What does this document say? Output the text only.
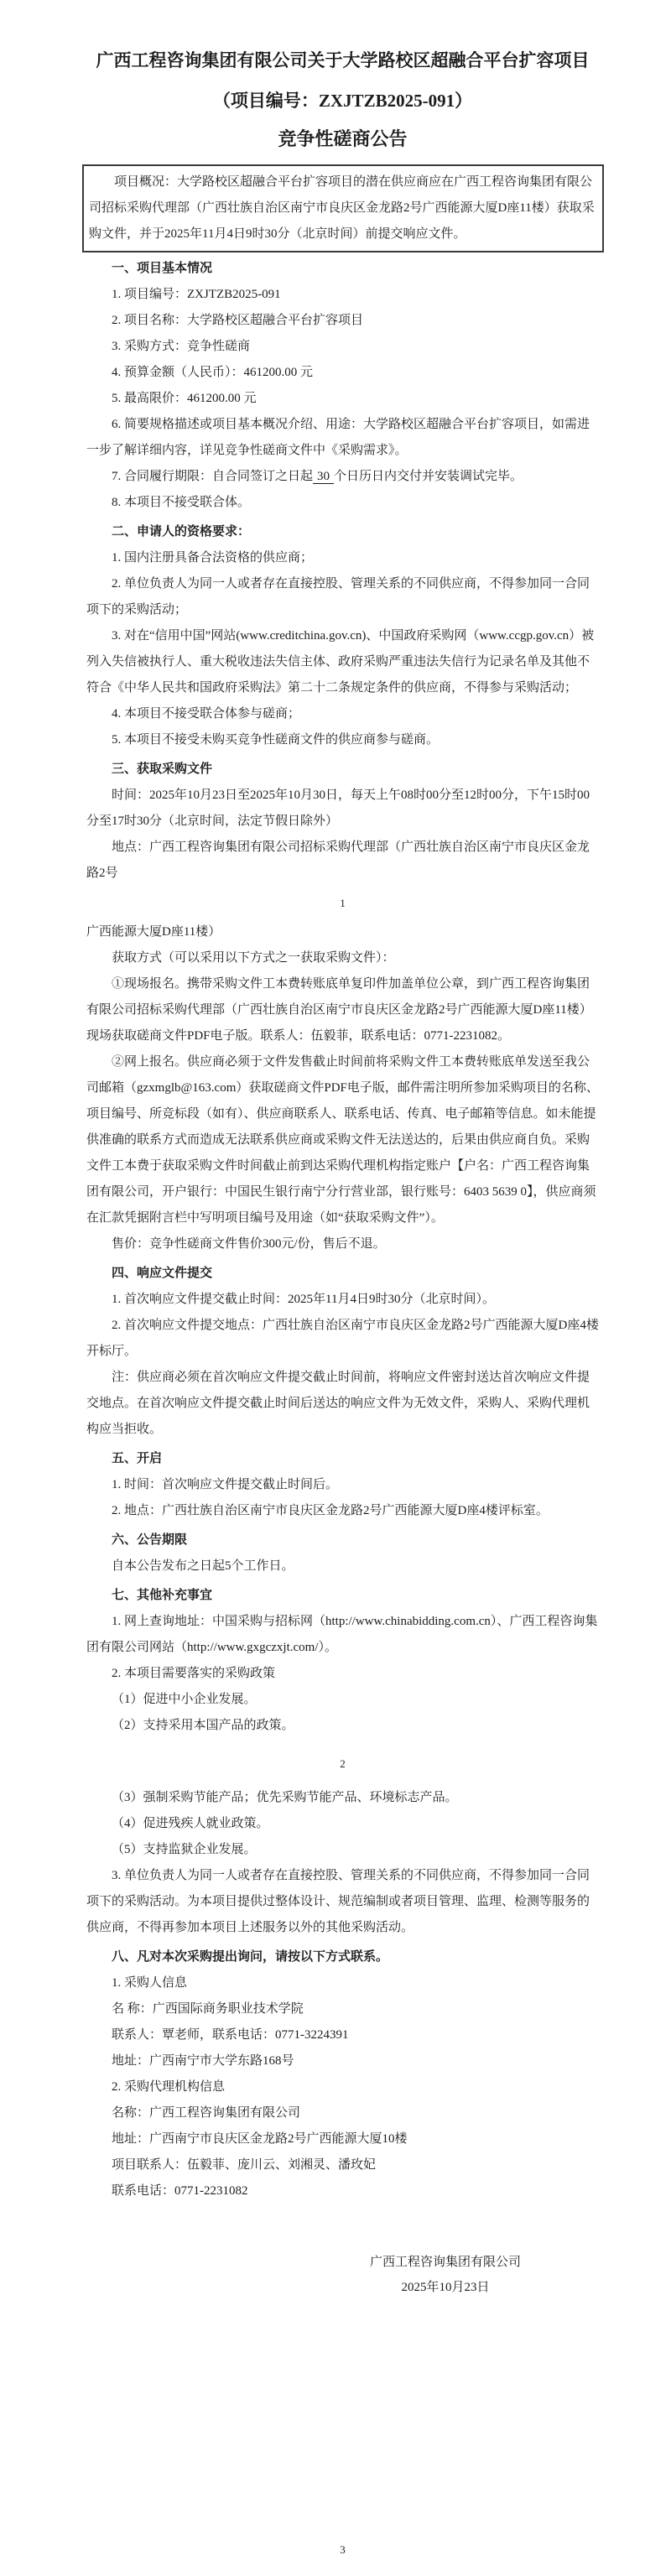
广西工程咨询集团有限公司关于大学路校区超融合平台扩容项目
（项目编号：ZXJTZB2025-091）
竞争性磋商公告

项目概况：大学路校区超融合平台扩容项目的潜在供应商应在广西工程咨询集团有限公司招标采购代理部（广西壮族自治区南宁市良庆区金龙路2号广西能源大厦D座11楼）获取采购文件，并于2025年11月4日9时30分（北京时间）前提交响应文件。

一、项目基本情况

1. 项目编号：ZXJTZB2025-091

2. 项目名称：大学路校区超融合平台扩容项目

3. 采购方式：竞争性磋商

4. 预算金额（人民币）：461200.00 元

5. 最高限价：461200.00 元

6. 简要规格描述或项目基本概况介绍、用途：大学路校区超融合平台扩容项目，如需进一步了解详细内容，详见竞争性磋商文件中《采购需求》。

7. 合同履行期限：自合同签订之日起 30 个日历日内交付并安装调试完毕。

8. 本项目不接受联合体。

二、申请人的资格要求：

1. 国内注册具备合法资格的供应商；

2. 单位负责人为同一人或者存在直接控股、管理关系的不同供应商，不得参加同一合同项下的采购活动；

3. 对在“信用中国”网站(www.creditchina.gov.cn)、中国政府采购网（www.ccgp.gov.cn）被列入失信被执行人、重大税收违法失信主体、政府采购严重违法失信行为记录名单及其他不符合《中华人民共和国政府采购法》第二十二条规定条件的供应商，不得参与采购活动；

4. 本项目不接受联合体参与磋商；

5. 本项目不接受未购买竞争性磋商文件的供应商参与磋商。

三、获取采购文件

时间：2025年10月23日至2025年10月30日，每天上午08时00分至12时00分，下午15时00分至17时30分（北京时间，法定节假日除外）

地点：广西工程咨询集团有限公司招标采购代理部（广西壮族自治区南宁市良庆区金龙路2号

1

广西能源大厦D座11楼）

获取方式（可以采用以下方式之一获取采购文件）：

①现场报名。携带采购文件工本费转账底单复印件加盖单位公章，到广西工程咨询集团有限公司招标采购代理部（广西壮族自治区南宁市良庆区金龙路2号广西能源大厦D座11楼）现场获取磋商文件PDF电子版。联系人：伍毅菲，联系电话：0771-2231082。

②网上报名。供应商必须于文件发售截止时间前将采购文件工本费转账底单发送至我公司邮箱（gzxmglb@163.com）获取磋商文件PDF电子版，邮件需注明所参加采购项目的名称、项目编号、所竞标段（如有）、供应商联系人、联系电话、传真、电子邮箱等信息。如未能提供准确的联系方式而造成无法联系供应商或采购文件无法送达的，后果由供应商自负。采购文件工本费于获取采购文件时间截止前到达采购代理机构指定账户【户名：广西工程咨询集团有限公司，开户银行：中国民生银行南宁分行营业部，银行账号：6403 5639 0】，供应商须在汇款凭据附言栏中写明项目编号及用途（如“获取采购文件”）。

售价：竞争性磋商文件售价300元/份，售后不退。

四、响应文件提交

1. 首次响应文件提交截止时间：2025年11月4日9时30分（北京时间）。

2. 首次响应文件提交地点：广西壮族自治区南宁市良庆区金龙路2号广西能源大厦D座4楼开标厅。

注：供应商必须在首次响应文件提交截止时间前，将响应文件密封送达首次响应文件提交地点。在首次响应文件提交截止时间后送达的响应文件为无效文件，采购人、采购代理机构应当拒收。

五、开启

1. 时间：首次响应文件提交截止时间后。

2. 地点：广西壮族自治区南宁市良庆区金龙路2号广西能源大厦D座4楼评标室。

六、公告期限

自本公告发布之日起5个工作日。

七、其他补充事宜

1. 网上查询地址：中国采购与招标网（http://www.chinabidding.com.cn）、广西工程咨询集团有限公司网站（http://www.gxgczxjt.com/）。

2. 本项目需要落实的采购政策

（1）促进中小企业发展。

（2）支持采用本国产品的政策。

2

（3）强制采购节能产品；优先采购节能产品、环境标志产品。

（4）促进残疾人就业政策。

（5）支持监狱企业发展。

3. 单位负责人为同一人或者存在直接控股、管理关系的不同供应商，不得参加同一合同项下的采购活动。为本项目提供过整体设计、规范编制或者项目管理、监理、检测等服务的供应商，不得再参加本项目上述服务以外的其他采购活动。

八、凡对本次采购提出询问，请按以下方式联系。

1. 采购人信息

名 称：广西国际商务职业技术学院

联系人：覃老师，联系电话：0771-3224391

地址：广西南宁市大学东路168号

2. 采购代理机构信息

名称：广西工程咨询集团有限公司

地址：广西南宁市良庆区金龙路2号广西能源大厦10楼

项目联系人：伍毅菲、庞川云、刘湘灵、潘玫妃

联系电话：0771-2231082

广西工程咨询集团有限公司

2025年10月23日

3
